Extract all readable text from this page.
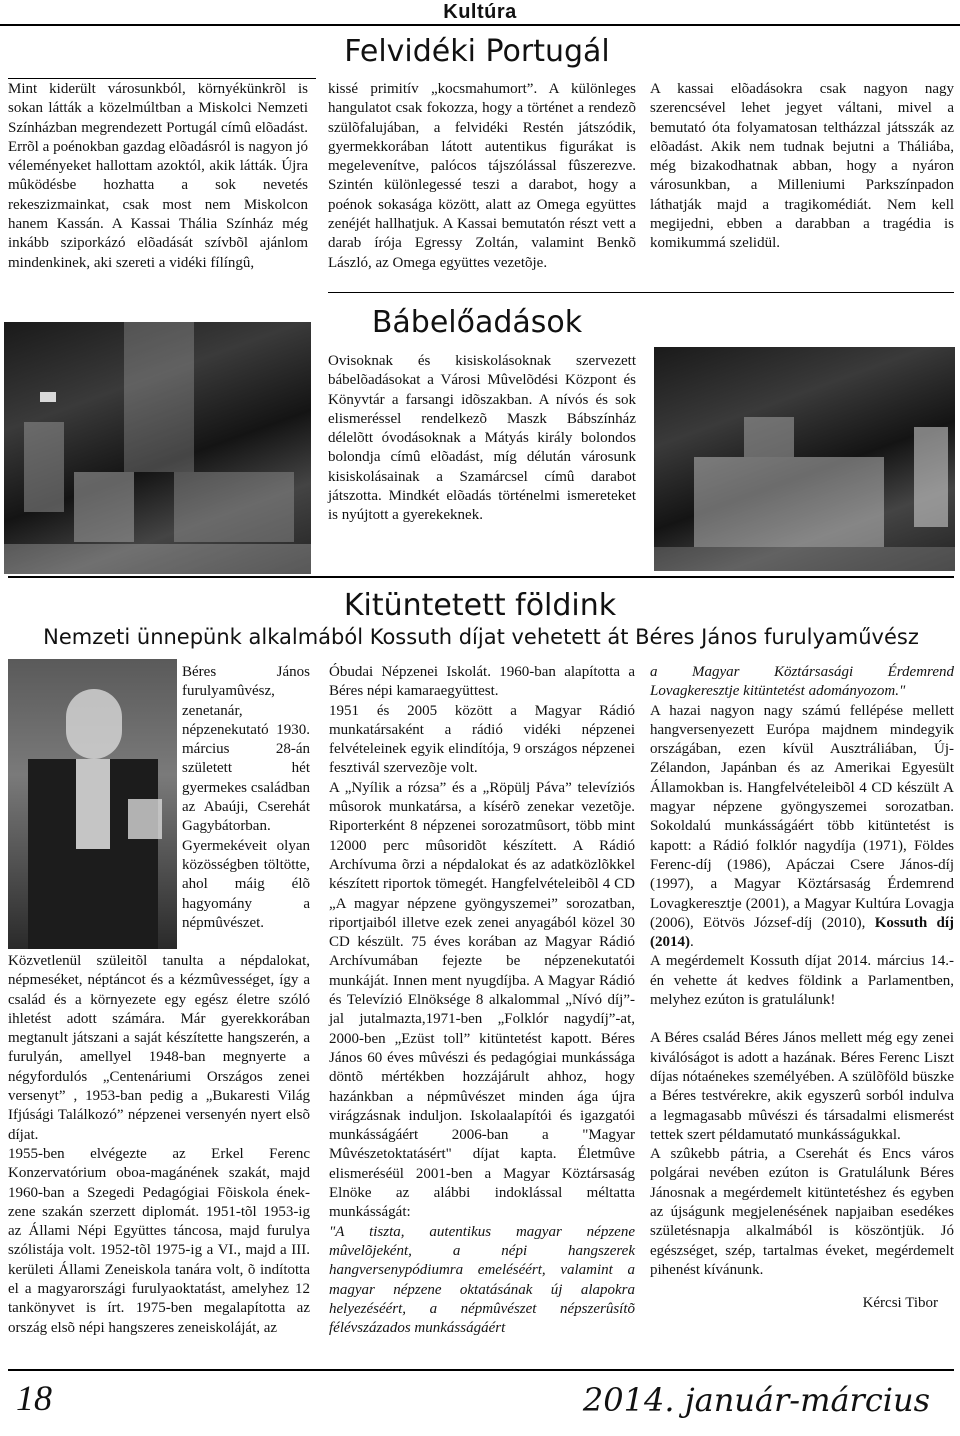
Kultúra
Felvidéki Portugál

Mint kiderült városunkból, környékünkrõl is sokan látták a közelmúltban a Miskolci Nemzeti Színházban megrendezett Portugál címû elõadást. Errõl a poénokban gazdag elõadásról is nagyon jó véleményeket hallottam azoktól, akik látták. Újra mûködésbe hozhatta a sok nevetés rekeszizmainkat, csak most nem Miskolcon hanem Kassán. A Kassai Thália Színház még inkább sziporkázó elõadását szívbõl ajánlom mindenkinek, aki szereti a vidéki fílíngû,

kissé primitív „kocsmahumort”. A különleges hangulatot csak fokozza, hogy a történet a rendezõ szülõfalujában, a felvidéki Restén játszódik, gyermekkorában látott autentikus figurákat is megelevenítve, palócos tájszólással fûszerezve. Szintén különlegessé teszi a darabot, hogy a poénok sokasága között, alatt az Omega együttes zenéjét hallhatjuk. A Kassai bemutatón részt vett a darab írója Egressy Zoltán, valamint Benkõ László, az Omega együttes vezetõje.

A kassai elõadásokra csak nagyon nagy szerencsével lehet jegyet váltani, mivel a bemutató óta folyamatosan teltházzal játsszák az elõadást. Akik nem tudnak bejutni a Tháliába, még bizakodhatnak abban, hogy a nyáron városunkban, a Milleniumi Parkszínpadon láthatják majd a tragikomédiát. Nem kell megijedni, ebben a darabban a tragédia is komikummá szelidül.

Bábelőadások

Ovisoknak és kisiskolásoknak szervezett bábelõadásokat a Városi Mûvelõdési Központ és Könyvtár a farsangi idõszakban. A nívós és sok elismeréssel rendelkezõ Maszk Bábszínház délelõtt óvodásoknak a Mátyás király bolondos bolondja címû elõadást, míg délután városunk kisiskolásainak a Szamárcsel címû darabot játszotta. Mindkét elõadás történelmi ismereteket is nyújtott a gyerekeknek.

Kitüntetett földink
Nemzeti ünnepünk alkalmából Kossuth díjat vehetett át Béres János furulyaművész

Béres János furulyamûvész, zenetanár, népzenekutató 1930. március 28-án született hét gyermekes családban az Abaúji, Cserehát Gagybátorban. Gyermekéveit olyan közösségben töltötte, ahol máig élõ hagyomány a népmûvészet.

Közvetlenül szüleitõl tanulta a népdalokat, népmeséket, néptáncot és a kézmûvességet, így a család és a környezete egy egész életre szóló ihletést adott számára. Már gyerekkorában megtanult játszani a saját készítette hangszerén, a furulyán, amellyel 1948-ban megnyerte a négyfordulós „Centenáriumi Országos zenei versenyt” , 1953-ban pedig a „Bukaresti Világ Ifjúsági Találkozó” népzenei versenyén nyert elsõ díjat.

1955-ben elvégezte az Erkel Ferenc Konzervatórium oboa-magánének szakát, majd 1960-ban a Szegedi Pedagógiai Fõiskola ének-zene szakán szerzett diplomát. 1951-tõl 1953-ig az Állami Népi Együttes táncosa, majd furulya szólistája volt. 1952-tõl 1975-ig a VI., majd a III. kerületi Állami Zeneiskola tanára volt, õ indította el a magyarországi furulyaoktatást, amelyhez 12 tankönyvet is írt. 1975-ben megalapította az ország elsõ népi hangszeres zeneiskoláját, az

Óbudai Népzenei Iskolát. 1960-ban alapította a Béres népi kamaraegyüttest.

1951 és 2005 között a Magyar Rádió munkatársaként a rádió vidéki népzenei felvételeinek egyik elindítója, 9 országos népzenei fesztivál szervezõje volt.

A „Nyílik a rózsa” és a „Röpülj Páva” televíziós mûsorok munkatársa, a kísérõ zenekar vezetõje. Riporterként 8 népzenei sorozatmûsort, több mint 12000 perc mûsoridõt készített. A Rádió Archívuma õrzi a népdalokat és az adatközlõkkel készített riportok tömegét. Hangfelvételeibõl 4 CD „A magyar népzene gyöngyszemei” sorozatban, riportjaiból illetve ezek zenei anyagából közel 30 CD készült. 75 éves korában az Magyar Rádió Archívumában fejezte be népzenekutatói munkáját. Innen ment nyugdíjba. A Magyar Rádió és Televízió Elnöksége 8 alkalommal „Nívó díj”-jal jutalmazta,1971-ben „Folklór nagydíj”-at, 2000-ben „Ezüst toll” kitüntetést kapott. Béres János 60 éves mûvészi és pedagógiai munkássága döntõ mértékben hozzájárult ahhoz, hogy hazánkban a népmûvészet minden ága újra virágzásnak induljon. Iskolaalapítói és igazgatói munkásságáért 2006-ban a "Magyar Mûvészetoktatásért" díjat kapta. Életmûve elismeréséül 2001-ben a Magyar Köztársaság Elnöke az alábbi indoklással méltatta munkásságát:

"A tiszta, autentikus magyar népzene mûvelõjeként, a népi hangszerek hangversenypódiumra emeléséért, valamint a magyar népzene oktatásának új alapokra helyezéséért, a népmûvészet népszerûsítõ félévszázados munkásságáért

a Magyar Köztársasági Érdemrend Lovagkeresztje kitüntetést adományozom."

A hazai nagyon nagy számú fellépése mellett hangversenyezett Európa majdnem mindegyik országában, ezen kívül Ausztráliában, Új-Zélandon, Japánban és az Amerikai Egyesült Államokban is. Hangfelvételeibõl 4 CD készült A magyar népzene gyöngyszemei sorozatban. Sokoldalú munkásságáért több kitüntetést is kapott: a Rádió folklór nagydíja (1971), Földes Ferenc-díj (1986), Apáczai Csere János-díj (1997), a Magyar Köztársaság Érdemrend Lovagkeresztje (2001), a Magyar Kultúra Lovagja (2006), Eötvös József-díj (2010), Kossuth díj (2014).

A megérdemelt Kossuth díjat 2014. március 14.-én vehette át kedves földink a Parlamentben, melyhez ezúton is gratulálunk!

A Béres család Béres János mellett még egy zenei kiválóságot is adott a hazának. Béres Ferenc Liszt díjas nótaénekes személyében. A szülõföld büszke a Béres testvérekre, akik egyszerû sorból indulva a legmagasabb mûvészi és társadalmi elismerést tettek szert példamutató munkásságukkal.

A szûkebb pátria, a Cserehát és Encs város polgárai nevében ezúton is Gratulálunk Béres Jánosnak a megérdemelt kitüntetéshez és egyben az újságunk megjelenésének napjaiban esedékes születésnapja alkalmából is köszöntjük. Jó egészséget, szép, tartalmas éveket, megérdemelt pihenést kívánunk.

Kércsi Tibor

18	2014. január-március
